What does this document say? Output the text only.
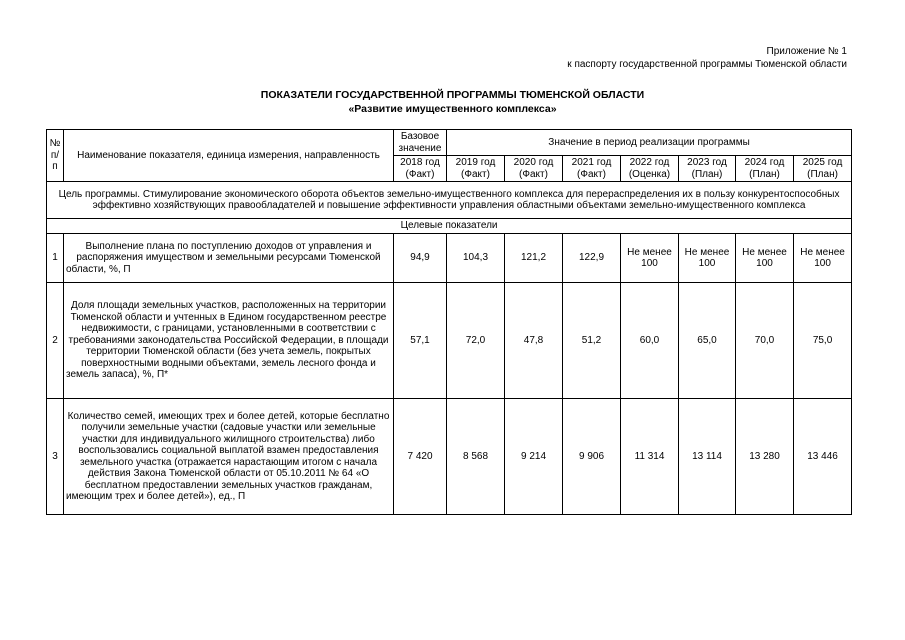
Приложение № 1
к паспорту государственной программы Тюменской области
ПОКАЗАТЕЛИ ГОСУДАРСТВЕННОЙ ПРОГРАММЫ ТЮМЕНСКОЙ ОБЛАСТИ
«Развитие имущественного комплекса»
№ п/п	Наименование показателя, единица измерения, направленность	Базовое значение	Значение в период реализации программы						
		2018 год (Факт)	2019 год (Факт)	2020 год (Факт)	2021 год (Факт)	2022 год (Оценка)	2023 год (План)	2024 год (План)	2025 год (План)
Цель программы. Стимулирование экономического оборота объектов земельно-имущественного комплекса для перераспределения их в пользу конкурентоспособных эффективно хозяйствующих правообладателей и повышение эффективности управления областными объектами земельно-имущественного комплекса									
Целевые показатели									
1	Выполнение плана по поступлению доходов от управления и распоряжения имуществом и земельными ресурсами Тюменской области, %, П	94,9	104,3	121,2	122,9	Не менее 100	Не менее 100	Не менее 100	Не менее 100
2	Доля площади земельных участков, расположенных на территории Тюменской области и учтенных в Едином государственном реестре недвижимости, с границами, установленными в соответствии с требованиями законодательства Российской Федерации, в площади территории Тюменской области (без учета земель, покрытых поверхностными водными объектами, земель лесного фонда и земель запаса), %, П*	57,1	72,0	47,8	51,2	60,0	65,0	70,0	75,0
3	Количество семей, имеющих трех и более детей, которые бесплатно получили земельные участки (садовые участки или земельные участки для индивидуального жилищного строительства) либо воспользовались социальной выплатой взамен предоставления земельного участка (отражается нарастающим итогом с начала действия Закона Тюменской области от 05.10.2011 № 64 «О бесплатном предоставлении земельных участков гражданам, имеющим трех и более детей»), ед., П	7 420	8 568	9 214	9 906	11 314	13 114	13 280	13 446
